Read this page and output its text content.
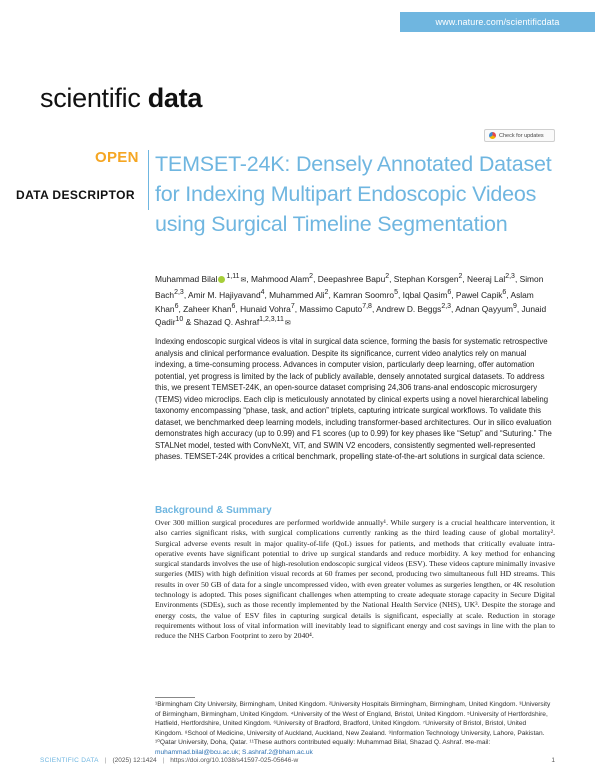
www.nature.com/scientificdata
scientific data
Check for updates
OPEN
DATA DESCRIPTOR
TEMSET-24K: Densely Annotated Dataset for Indexing Multipart Endoscopic Videos using Surgical Timeline Segmentation
Muhammad Bilal $^{1,11}$✉, Mahmood Alam$^2$, Deepashree Bapu$^2$, Stephan Korsgen$^2$, Neeraj Lal$^{2,3}$, Simon Bach$^{2,3}$, Amir M. Hajiyavand$^4$, Muhammed Ali$^2$, Kamran Soomro$^5$, Iqbal Qasim$^6$, Pawel Capik$^6$, Aslam Khan$^6$, Zaheer Khan$^6$, Hunaid Vohra$^7$, Massimo Caputo$^{7,8}$, Andrew D. Beggs$^{2,3}$, Adnan Qayyum$^9$, Junaid Qadir$^{10}$ & Shazad Q. Ashraf$^{1,2,3,11}$✉

Indexing endoscopic surgical videos is vital in surgical data science, forming the basis for systematic retrospective analysis and clinical performance evaluation. Despite its significance, current video analytics rely on manual indexing, a time-consuming process. Advances in computer vision, particularly deep learning, offer automation potential, yet progress is limited by the lack of publicly available, densely annotated surgical datasets. To address this, we present TEMSET-24K, an open-source dataset comprising 24,306 trans-anal endoscopic microsurgery (TEMS) video microclips. Each clip is meticulously annotated by clinical experts using a novel hierarchical labeling taxonomy encompassing “phase, task, and action” triplets, capturing intricate surgical workflows. To validate this dataset, we benchmarked deep learning models, including transformer-based architectures. Our in silico evaluation demonstrates high accuracy (up to 0.99) and F1 scores (up to 0.99) for key phases like “Setup” and “Suturing.” The STALNet model, tested with ConvNeXt, ViT, and SWIN V2 encoders, consistently segmented well-represented phases. TEMSET-24K provides a critical benchmark, propelling state-of-the-art solutions in surgical data science.

Background & Summary

Over 300 million surgical procedures are performed worldwide annually¹. While surgery is a crucial healthcare intervention, it also carries significant risks, with surgical complications currently ranking as the third leading cause of global mortality². Surgical adverse events result in major quality-of-life (QoL) issues for patients, and methods that critically evaluate intra-operative events have significant potential to drive up surgical standards and reduce morbidity. A key method for enhancing surgical standards involves the use of high-resolution endoscopic surgical videos (ESV). These videos capture minimally invasive surgeries (MIS) with high definition visual records at 60 frames per second, producing two simultaneous full HD streams. This results in over 50 GB of data for a single uncompressed video, with even greater volumes as surgeries lengthen, or 4K resolution technology is adopted. This poses significant challenges when attempting to create adequate storage capacity in Secure Digital Environments (SDEs), such as those recently implemented by the National Health Service (NHS), UK³. Despite the storage and energy costs, the value of ESV files in capturing surgical details is significant, especially at scale. Reduction in storage requirements without loss of vital information will inevitably lead to significant energy and cost savings in line with the plan to reduce the NHS Carbon Footprint to zero by 2040⁴.

¹Birmingham City University, Birmingham, United Kingdom. ²University Hospitals Birmingham, Birmingham, United Kingdom. ³University of Birmingham, Birmingham, United Kingdom. ⁴University of the West of England, Bristol, United Kingdom. ⁵University of Hertfordshire, Hatfield, Hertfordshire, United Kingdom. ⁶University of Bradford, Bradford, United Kingdom. ⁷University of Bristol, Bristol, United Kingdom. ⁸School of Medicine, University of Auckland, Auckland, New Zealand. ⁹Information Technology University, Lahore, Pakistan. ¹⁰Qatar University, Doha, Qatar. ¹¹These authors contributed equally: Muhammad Bilal, Shazad Q. Ashraf. ✉e-mail: muhammad.bilal@bcu.ac.uk; S.ashraf.2@bham.ac.uk
SCIENTIFIC DATA | (2025) 12:1424 | https://doi.org/10.1038/s41597-025-05646-w	1
